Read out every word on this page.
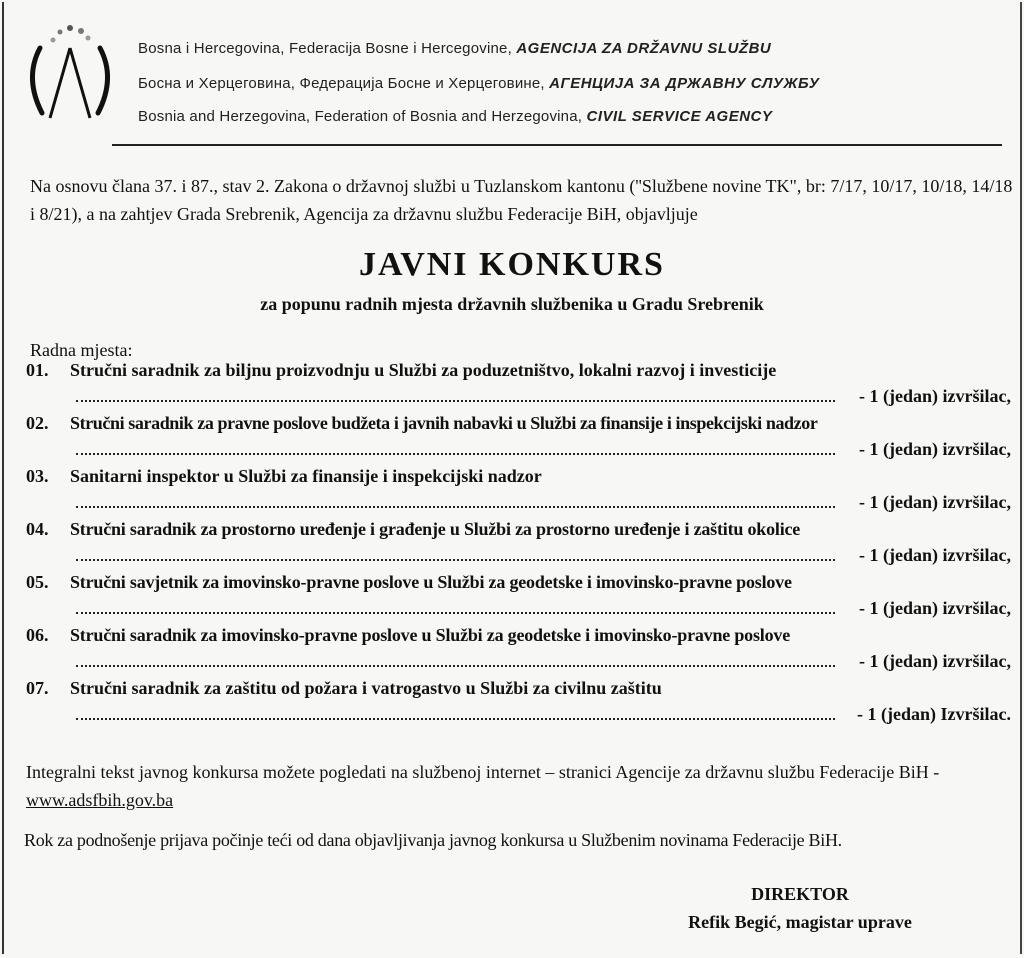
Bosna i Hercegovina, Federacija Bosne i Hercegovine, AGENCIJA ZA DRŽAVNU SLUŽBU
Босна и Херцеговина, Федерација Босне и Херцеговине, АГЕНЦИЈА ЗА ДРЖАВНУ СЛУЖБУ
Bosnia and Herzegovina, Federation of Bosnia and Herzegovina, CIVIL SERVICE AGENCY
Na osnovu člana 37. i 87., stav 2. Zakona o državnoj službi u Tuzlanskom kantonu (''Službene novine TK", br: 7/17, 10/17, 10/18, 14/18 i 8/21), a na zahtjev Grada Srebrenik, Agencija za državnu službu Federacije BiH, objavljuje
JAVNI KONKURS
za popunu radnih mjesta državnih službenika u Gradu Srebrenik
Radna mjesta:
01. Stručni saradnik za biljnu proizvodnju u Službi za poduzetništvo, lokalni razvoj i investicije
- 1 (jedan) izvršilac,
02. Stručni saradnik za pravne poslove budžeta i javnih nabavki u Službi za finansije i inspekcijski nadzor
- 1 (jedan) izvršilac,
03. Sanitarni inspektor u Službi za finansije i inspekcijski nadzor
- 1 (jedan) izvršilac,
04. Stručni saradnik za prostorno uređenje i građenje u Službi za prostorno uređenje i zaštitu okolice
- 1 (jedan) izvršilac,
05. Stručni savjetnik za imovinsko-pravne poslove u Službi za geodetske i imovinsko-pravne poslove
- 1 (jedan) izvršilac,
06. Stručni saradnik za imovinsko-pravne poslove u Službi za geodetske i imovinsko-pravne poslove
- 1 (jedan) izvršilac,
07. Stručni saradnik za zaštitu od požara i vatrogastvo u Službi za civilnu zaštitu
- 1 (jedan) Izvršilac.
Integralni tekst javnog konkursa možete pogledati na službenoj internet – stranici Agencije za državnu službu Federacije BiH - www.adsfbih.gov.ba
Rok za podnošenje prijava počinje teći od dana objavljivanja javnog konkursa u Službenim novinama Federacije BiH.
DIREKTOR
Refik Begić, magistar uprave
